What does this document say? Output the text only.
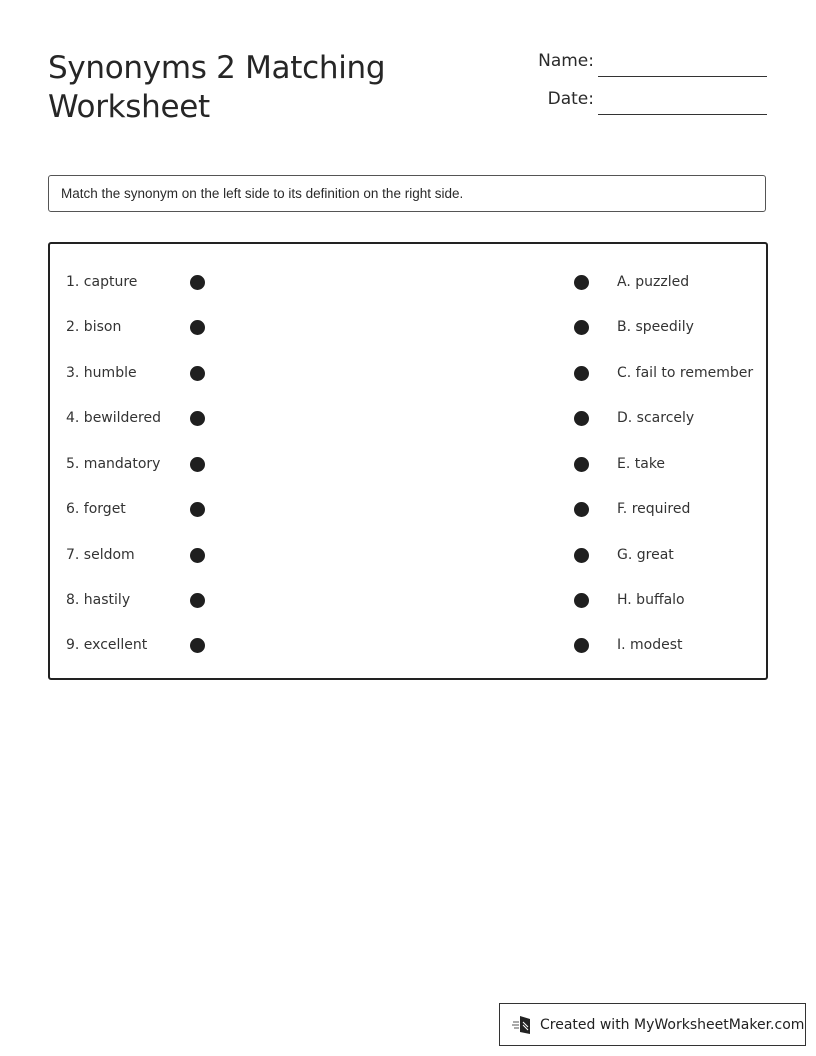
Synonyms 2 Matching Worksheet
Name:
Date:
Match the synonym on the left side to its definition on the right side.
1. capture	A. puzzled
2. bison	B. speedily
3. humble	C. fail to remember
4. bewildered	D. scarcely
5. mandatory	E. take
6. forget	F. required
7. seldom	G. great
8. hastily	H. buffalo
9. excellent	I. modest
Created with MyWorksheetMaker.com
